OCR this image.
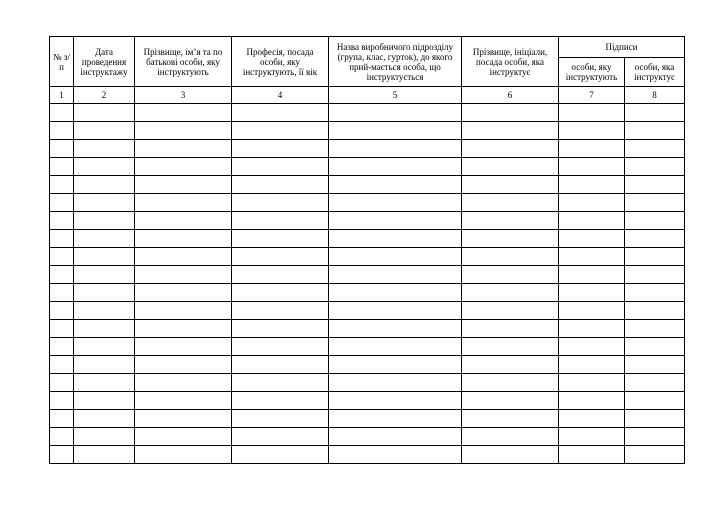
№ з/п	Дата проведення інструктажу	Прізвище, ім’я та по батькові особи, яку інструктують	Професія, посада особи, яку інструктують, її вік	Назва виробничого підрозділу (група, клас, гурток), до якого прий-мається особа, що інструктується	Прізвище, ініціали, посада особи, яка інструктує	Підписи	
						особи, яку інструктують	особи, яка інструктує
1	2	3	4	5	6	7	8
